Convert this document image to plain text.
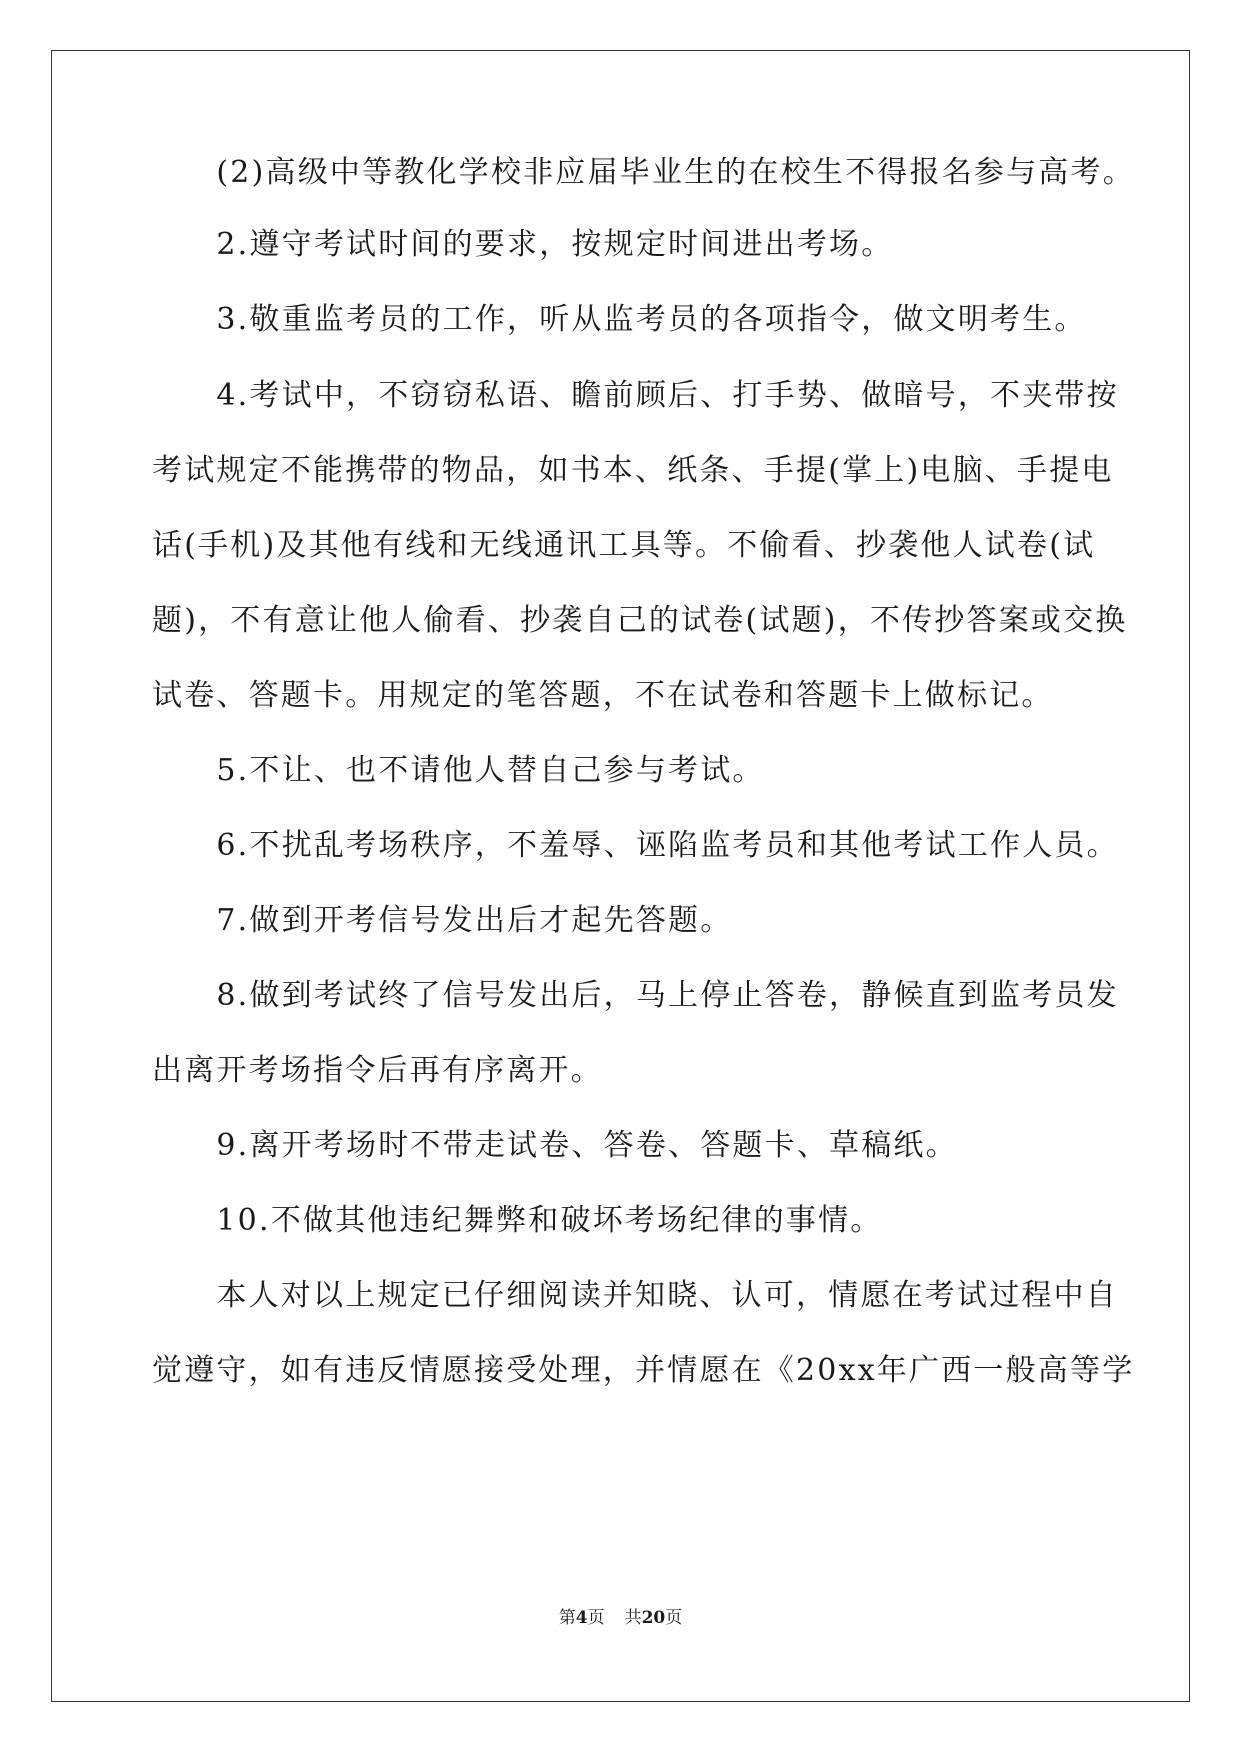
　　(2)高级中等教化学校非应届毕业生的在校生不得报名参与高考。
　　2.遵守考试时间的要求，按规定时间进出考场。
　　3.敬重监考员的工作，听从监考员的各项指令，做文明考生。
　　4.考试中，不窃窃私语、瞻前顾后、打手势、做暗号，不夹带按
考试规定不能携带的物品，如书本、纸条、手提(掌上)电脑、手提电
话(手机)及其他有线和无线通讯工具等。不偷看、抄袭他人试卷(试
题)，不有意让他人偷看、抄袭自己的试卷(试题)，不传抄答案或交换
试卷、答题卡。用规定的笔答题，不在试卷和答题卡上做标记。
　　5.不让、也不请他人替自己参与考试。
　　6.不扰乱考场秩序，不羞辱、诬陷监考员和其他考试工作人员。
　　7.做到开考信号发出后才起先答题。
　　8.做到考试终了信号发出后，马上停止答卷，静候直到监考员发
出离开考场指令后再有序离开。
　　9.离开考场时不带走试卷、答卷、答题卡、草稿纸。
　　10.不做其他违纪舞弊和破坏考场纪律的事情。
　　本人对以上规定已仔细阅读并知晓、认可，情愿在考试过程中自
觉遵守，如有违反情愿接受处理，并情愿在《20xx年广西一般高等学
第4页 共20页
